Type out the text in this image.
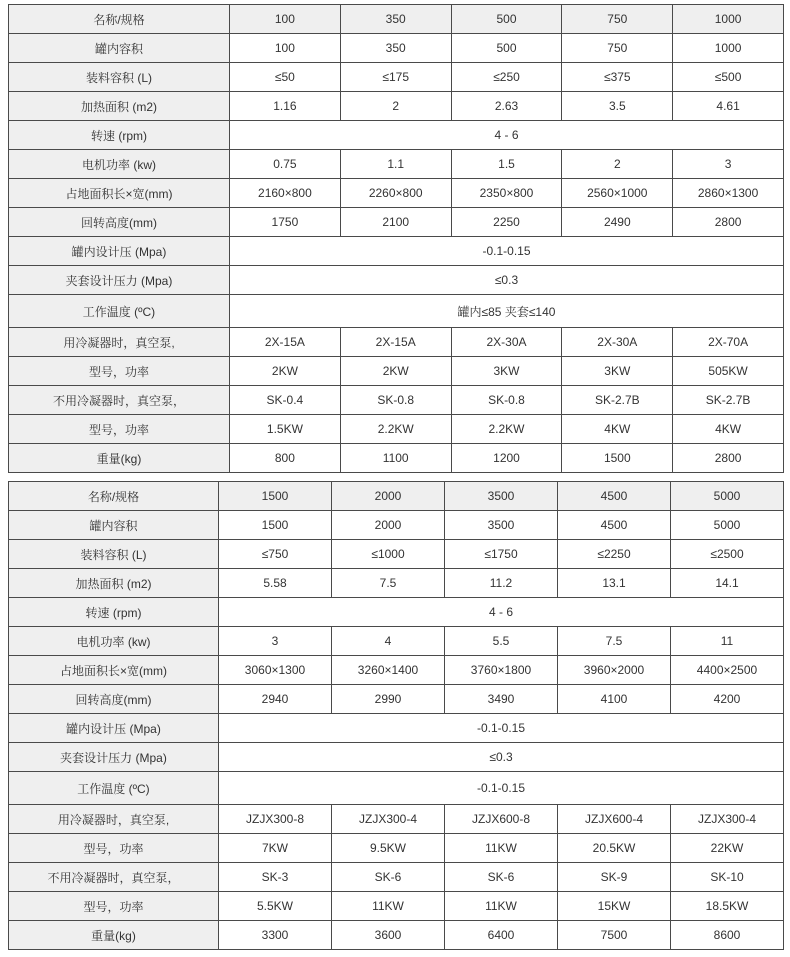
名称/规格	100	350	500	750	1000
罐内容积	100	350	500	750	1000
装料容积 (L)	≤50	≤175	≤250	≤375	≤500
加热面积 (m2)	1.16	2	2.63	3.5	4.61
转速 (rpm)	4 - 6				
电机功率 (kw)	0.75	1.1	1.5	2	3
占地面积长×宽(mm)	2160×800	2260×800	2350×800	2560×1000	2860×1300
回转高度(mm)	1750	2100	2250	2490	2800
罐内设计压 (Mpa)	-0.1-0.15				
夹套设计压力 (Mpa)	≤0.3				
工作温度 (ºC)	罐内≤85 夹套≤140				
用冷凝器时，真空泵,	2X-15A	2X-15A	2X-30A	2X-30A	2X-70A
型号，功率	2KW	2KW	3KW	3KW	505KW
不用冷凝器时，真空泵，	SK-0.4	SK-0.8	SK-0.8	SK-2.7B	SK-2.7B
型号，功率	1.5KW	2.2KW	2.2KW	4KW	4KW
重量(kg)	800	1100	1200	1500	2800
名称/规格	1500	2000	3500	4500	5000
罐内容积	1500	2000	3500	4500	5000
装料容积 (L)	≤750	≤1000	≤1750	≤2250	≤2500
加热面积 (m2)	5.58	7.5	11.2	13.1	14.1
转速 (rpm)	4 - 6				
电机功率 (kw)	3	4	5.5	7.5	11
占地面积长×宽(mm)	3060×1300	3260×1400	3760×1800	3960×2000	4400×2500
回转高度(mm)	2940	2990	3490	4100	4200
罐内设计压 (Mpa)	-0.1-0.15				
夹套设计压力 (Mpa)	≤0.3				
工作温度 (ºC)	-0.1-0.15				
用冷凝器时，真空泵,	JZJX300-8	JZJX300-4	JZJX600-8	JZJX600-4	JZJX300-4
型号，功率	7KW	9.5KW	11KW	20.5KW	22KW
不用冷凝器时，真空泵，	SK-3	SK-6	SK-6	SK-9	SK-10
型号，功率	5.5KW	11KW	11KW	15KW	18.5KW
重量(kg)	3300	3600	6400	7500	8600
